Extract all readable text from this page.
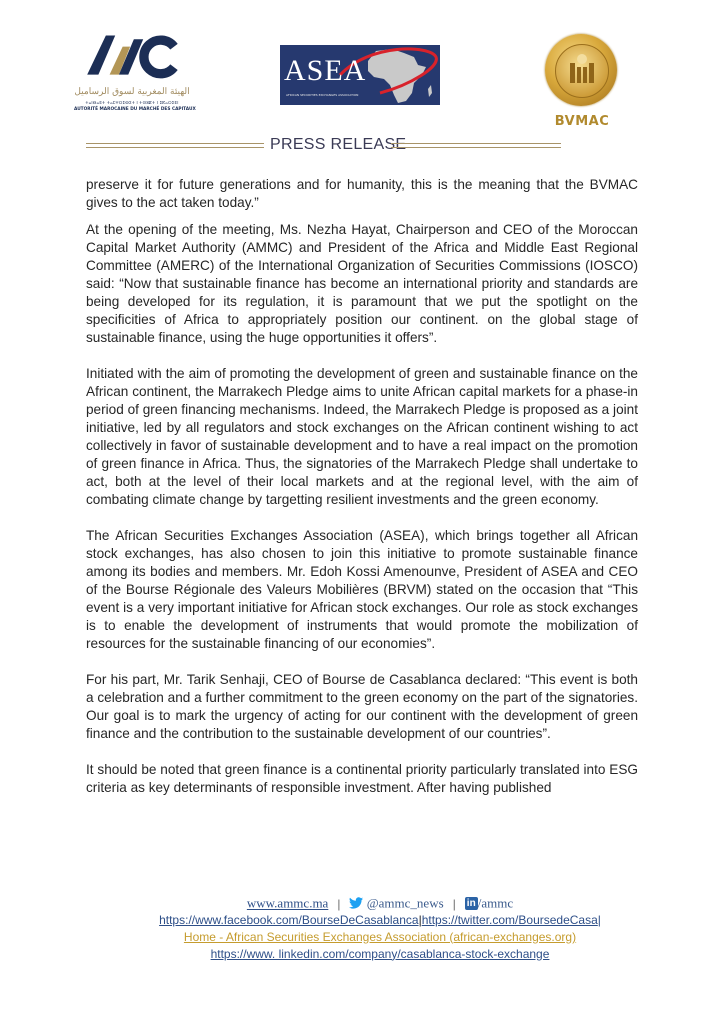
الهيئة المغربية لسوق الرساميل
ⵜⴰⵏⴱⴰⴹⵜ ⵜⴰⵎⵖⵔⵉⴱⵉⵜ ⵏ ⵜⵙⵓⵇⵜ ⵏ ⵉⴽⴰⵔⵉⴹⵏ
AUTORITÉ MAROCAINE DU MARCHÉ DES CAPITAUX
ASEA
AFRICAN SECURITIES EXCHANGES ASSOCIATION
BVMAC
PRESS RELEASE

preserve it for future generations and for humanity, this is the meaning that the BVMAC gives to the act taken today.”

At the opening of the meeting, Ms. Nezha Hayat, Chairperson and CEO of the Moroccan Capital Market Authority (AMMC) and President of the Africa and Middle East Regional Committee (AMERC) of the International Organization of Securities Commissions (IOSCO) said: “Now that sustainable finance has become an international priority and standards are being developed for its regulation, it is paramount that we put the spotlight on the specificities of Africa to appropriately position our continent. on the global stage of sustainable finance, using the huge opportunities it offers”.

Initiated with the aim of promoting the development of green and sustainable finance on the African continent, the Marrakech Pledge aims to unite African capital markets for a phase-in period of green financing mechanisms. Indeed, the Marrakech Pledge is proposed as a joint initiative, led by all regulators and stock exchanges on the African continent wishing to act collectively in favor of sustainable development and to have a real impact on the promotion of green finance in Africa. Thus, the signatories of the Marrakech Pledge shall undertake to act, both at the level of their local markets and at the regional level, with the aim of combating climate change by targetting resilient investments and the green economy.

The African Securities Exchanges Association (ASEA), which brings together all African stock exchanges, has also chosen to join this initiative to promote sustainable finance among its bodies and members. Mr. Edoh Kossi Amenounve, President of ASEA and CEO of the Bourse Régionale des Valeurs Mobilières (BRVM) stated on the occasion that “This event is a very important initiative for African stock exchanges. Our role as stock exchanges is to enable the development of instruments that would promote the mobilization of resources for the sustainable financing of our economies”.

For his part, Mr. Tarik Senhaji, CEO of Bourse de Casablanca declared: “This event is both a celebration and a further commitment to the green economy on the part of the signatories. Our goal is to mark the urgency of acting for our continent with the development of green finance and the contribution to the sustainable development of our countries”.

It should be noted that green finance is a continental priority particularly translated into ESG criteria as key determinants of responsible investment. After having published

www.ammc.ma | @ammc_news | in /ammc
https://www.facebook.com/BourseDeCasablanca|https://twitter.com/BoursedeCasa|
Home - African Securities Exchanges Association (african-exchanges.org)
https://www. linkedin.com/company/casablanca-stock-exchange
